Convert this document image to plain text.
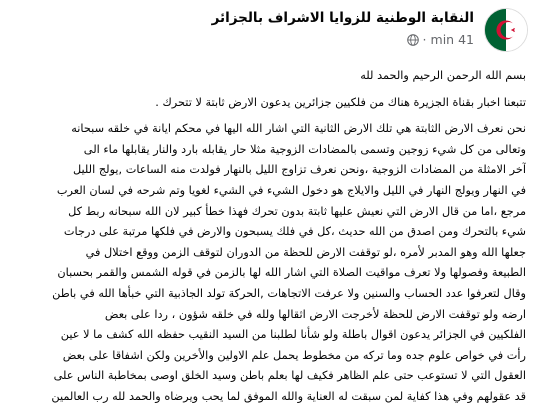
النقابة الوطنية للزوايا الاشراف بالجزائر
41 min
·
بسم الله الرحمن الرحيم والحمد لله
تتبعنا اخبار بقناة الجزيرة هناك من فلكيين جزائرين يدعون الارض ثابتة لا تتحرك .
نحن نعرف الارض الثابتة هي تلك الارض الثانية التي اشار الله اليها في محكم ايانة في خلقه سبحانه
وتعالى من كل شيء زوجين وتسمى بالمضادات الزوجية مثلا حار يقابله بارد والنار يقابلها ماء الى
آخر الامثلة من المضادات الزوجية ،ونحن نعرف تزاوج الليل بالنهار فولدت منه الساعات ,يولج الليل
في النهار ويولج النهار في الليل والايلاج هو دخول الشيء في الشيء لغويا وتم شرحه في لسان العرب
مرجع ،اما من قال الارض التي نعيش عليها ثابتة بدون تحرك فهذا خطأ كبير لان الله سبحانه ربط كل
شيء بالتحرك ومن اصدق من الله حديث ،كل في فلك يسبحون والارض في فلكها مرتبة على درجات
جعلها الله وهو المدبر لأمره ،لو توقفت الارض للحظة من الدوران لتوقف الزمن ووقع اختلال في
الطبيعة وفصولها ولا تعرف مواقيت الصلاة التي اشار الله لها بالزمن في قوله الشمس والقمر بحسبان
وقال لتعرفوا عدد الحساب والسنين ولا عرفت الاتجاهات ,الحركة تولد الجاذبية التي خبأها الله في باطن
ارضه ولو توقفت الارض للحظة لأخرجت الارض اثقالها ولله في خلقه شؤون ، ردا على بعض
الفلكيين في الجزائر يدعون اقوال باطلة ولو شأنا لطلبنا من السيد النقيب حفظه الله كشف ما لا عين
رأت في خواص علوم جده وما تركه من مخطوط يحمل علم الاولين والأخرين ولكن اشفاقا على بعض
العقول التي لا تستوعب حتى علم الظاهر فكيف لها بعلم باطن وسيد الخلق اوصى بمخاطبة الناس على
قد عقولهم وفي هذا كفاية لمن سبقت له العناية والله الموفق لما يحب ويرضاه والحمد لله رب العالمين
